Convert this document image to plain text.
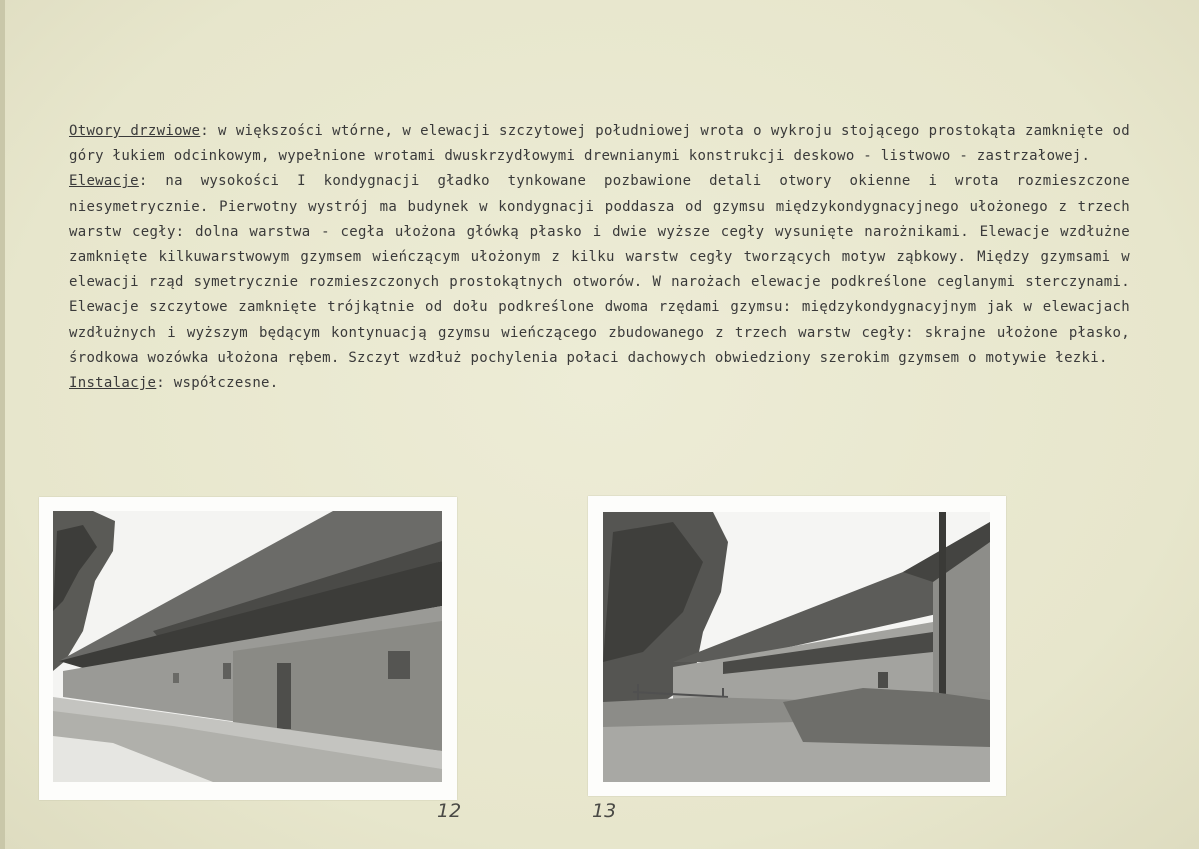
Otwory drzwiowe: w większości wtórne, w elewacji szczytowej południowej wrota o wykroju stojącego prostokąta zamknięte od góry łukiem odcinkowym, wypełnione wrotami dwuskrzydłowymi drewnianymi konstrukcji deskowo - listwowo - zastrzałowej.

Elewacje: na wysokości I kondygnacji gładko tynkowane pozbawione detali otwory okienne i wrota rozmieszczone niesymetrycznie. Pierwotny wystrój ma budynek w kondygnacji poddasza od gzymsu międzykondygnacyjnego ułożonego z trzech warstw cegły: dolna warstwa - cegła ułożona główką płasko i dwie wyższe cegły wysunięte narożnikami. Elewacje wzdłużne zamknięte kilkuwarstwowym gzymsem wieńczącym ułożonym z kilku warstw cegły tworzących motyw ząbkowy. Między gzymsami w elewacji rząd symetrycznie rozmieszczonych prostokątnych otworów. W narożach elewacje podkreślone ceglanymi sterczynami. Elewacje szczytowe zamknięte trójkątnie od dołu podkreślone dwoma rzędami gzymsu: międzykondygnacyjnym jak w elewacjach wzdłużnych i wyższym będącym kontynuacją gzymsu wieńczącego zbudowanego z trzech warstw cegły: skrajne ułożone płasko, środkowa wozówka ułożona rębem. Szczyt wzdłuż pochylenia połaci dachowych obwiedziony szerokim gzymsem o motywie łezki.

Instalacje: współczesne.

12	13
